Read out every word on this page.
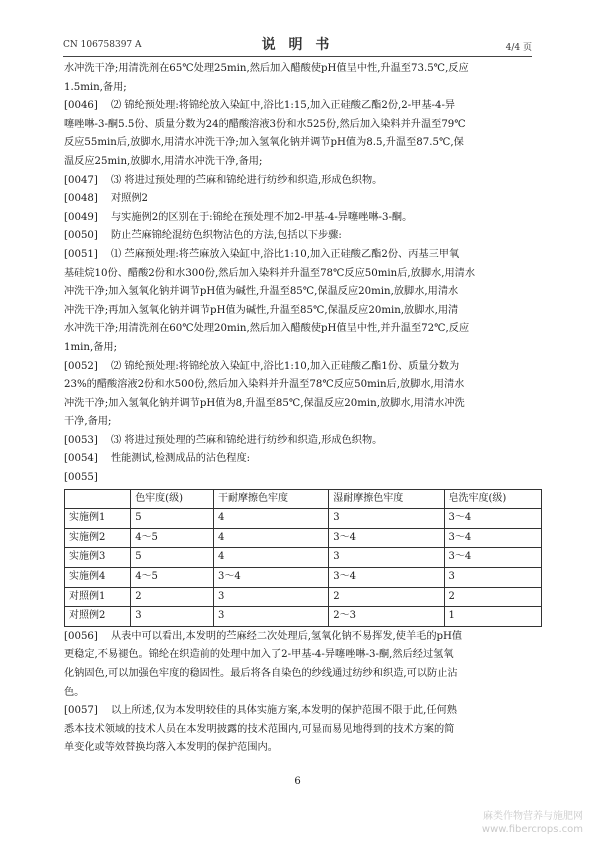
CN 106758397 A	说 明 书	4/4 页
水冲洗干净;用清洗剂在65℃处理25min,然后加入醋酸使pH值呈中性,升温至73.5℃,反应
1.5min,备用;
[0046] ⑵ 锦纶预处理:将锦纶放入染缸中,浴比1:15,加入正硅酸乙酯2份,2-甲基-4-异
噻唑啉-3-酮5.5份、质量分数为24的醋酸溶液3份和水525份,然后加入染料并升温至79℃
反应55min后,放脚水,用清水冲洗干净;加入氢氧化钠并调节pH值为8.5,升温至87.5℃,保
温反应25min,放脚水,用清水冲洗干净,备用;
[0047] ⑶ 将进过预处理的苎麻和锦纶进行纺纱和织造,形成色织物。
[0048] 对照例2
[0049] 与实施例2的区别在于:锦纶在预处理不加2-甲基-4-异噻唑啉-3-酮。
[0050] 防止苎麻锦纶混纺色织物沾色的方法,包括以下步骤:
[0051] ⑴ 苎麻预处理:将苎麻放入染缸中,浴比1:10,加入正硅酸乙酯2份、丙基三甲氧
基硅烷10份、醋酸2份和水300份,然后加入染料并升温至78℃反应50min后,放脚水,用清水
冲洗干净;加入氢氧化钠并调节pH值为碱性,升温至85℃,保温反应20min,放脚水,用清水
冲洗干净;再加入氢氧化钠并调节pH值为碱性,升温至85℃,保温反应20min,放脚水,用清
水冲洗干净;用清洗剂在60℃处理20min,然后加入醋酸使pH值呈中性,并升温至72℃,反应
1min,备用;
[0052] ⑵ 锦纶预处理:将锦纶放入染缸中,浴比1:10,加入正硅酸乙酯1份、质量分数为
23%的醋酸溶液2份和水500份,然后加入染料并升温至78℃反应50min后,放脚水,用清水
冲洗干净;加入氢氧化钠并调节pH值为8,升温至85℃,保温反应20min,放脚水,用清水冲洗
干净,备用;
[0053] ⑶ 将进过预处理的苎麻和锦纶进行纺纱和织造,形成色织物。
[0054] 性能测试,检测成品的沾色程度:
[0055]
	色牢度(级)	干耐摩擦色牢度	湿耐摩擦色牢度	皂洗牢度(级)
实施例1	5	4	3	3～4
实施例2	4～5	4	3～4	3～4
实施例3	5	4	3	3～4
实施例4	4～5	3～4	3～4	3
对照例1	2	3	2	2
对照例2	3	3	2～3	1
[0056] 从表中可以看出,本发明的苎麻经二次处理后,氢氧化钠不易挥发,使羊毛的pH值
更稳定,不易褪色。锦纶在织造前的处理中加入了2-甲基-4-异噻唑啉-3-酮,然后经过氢氧
化钠固色,可以加强色牢度的稳固性。最后将各自染色的纱线通过纺纱和织造,可以防止沾
色。
[0057] 以上所述,仅为本发明较佳的具体实施方案,本发明的保护范围不限于此,任何熟
悉本技术领域的技术人员在本发明披露的技术范围内,可显而易见地得到的技术方案的简
单变化或等效替换均落入本发明的保护范围内。
6
麻类作物营养与施肥网
www.fibercrops.com
